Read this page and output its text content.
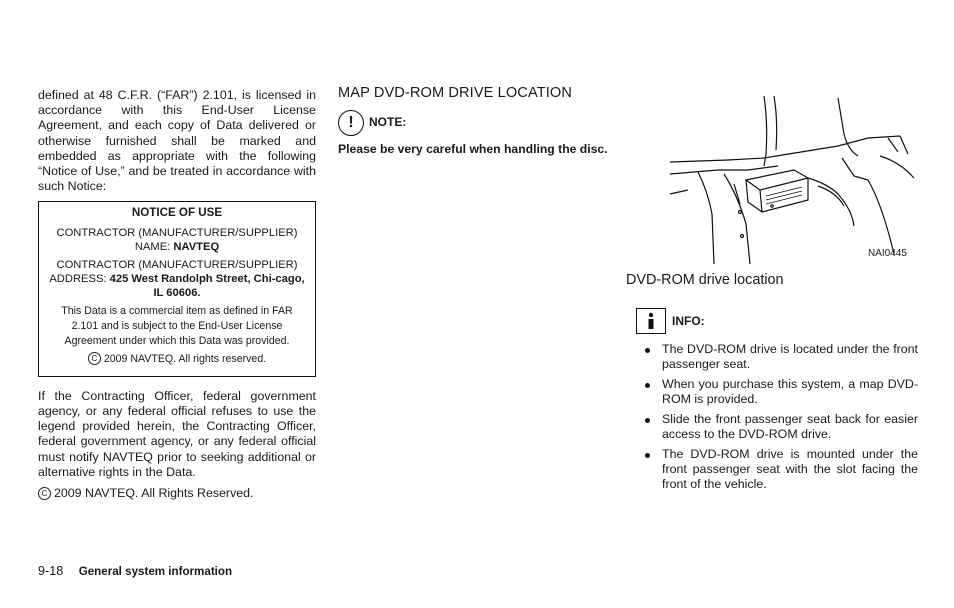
defined at 48 C.F.R. (“FAR”) 2.101, is licensed in accordance with this End-User License Agreement, and each copy of Data delivered or otherwise furnished shall be marked and embedded as appropriate with the following “Notice of Use,” and be treated in accordance with such Notice:

NOTICE OF USE

CONTRACTOR (MANUFACTURER/SUPPLIER) NAME: NAVTEQ

CONTRACTOR (MANUFACTURER/SUPPLIER) ADDRESS: 425 West Randolph Street, Chi-cago, IL 60606.

This Data is a commercial item as defined in FAR 2.101 and is subject to the End-User License Agreement under which this Data was provided.

C 2009 NAVTEQ. All rights reserved.

If the Contracting Officer, federal government agency, or any federal official refuses to use the legend provided herein, the Contracting Officer, federal government agency, or any federal official must notify NAVTEQ prior to seeking additional or alternative rights in the Data.

C 2009 NAVTEQ. All Rights Reserved.

MAP DVD-ROM DRIVE LOCATION
!	NOTE:
Please be very careful when handling the disc.
NAI0445
DVD-ROM drive location
INFO:
The DVD-ROM drive is located under the front passenger seat.
When you purchase this system, a map DVD-ROM is provided.
Slide the front passenger seat back for easier access to the DVD-ROM drive.
The DVD-ROM drive is mounted under the front passenger seat with the slot facing the front of the vehicle.
9-18 General system information
